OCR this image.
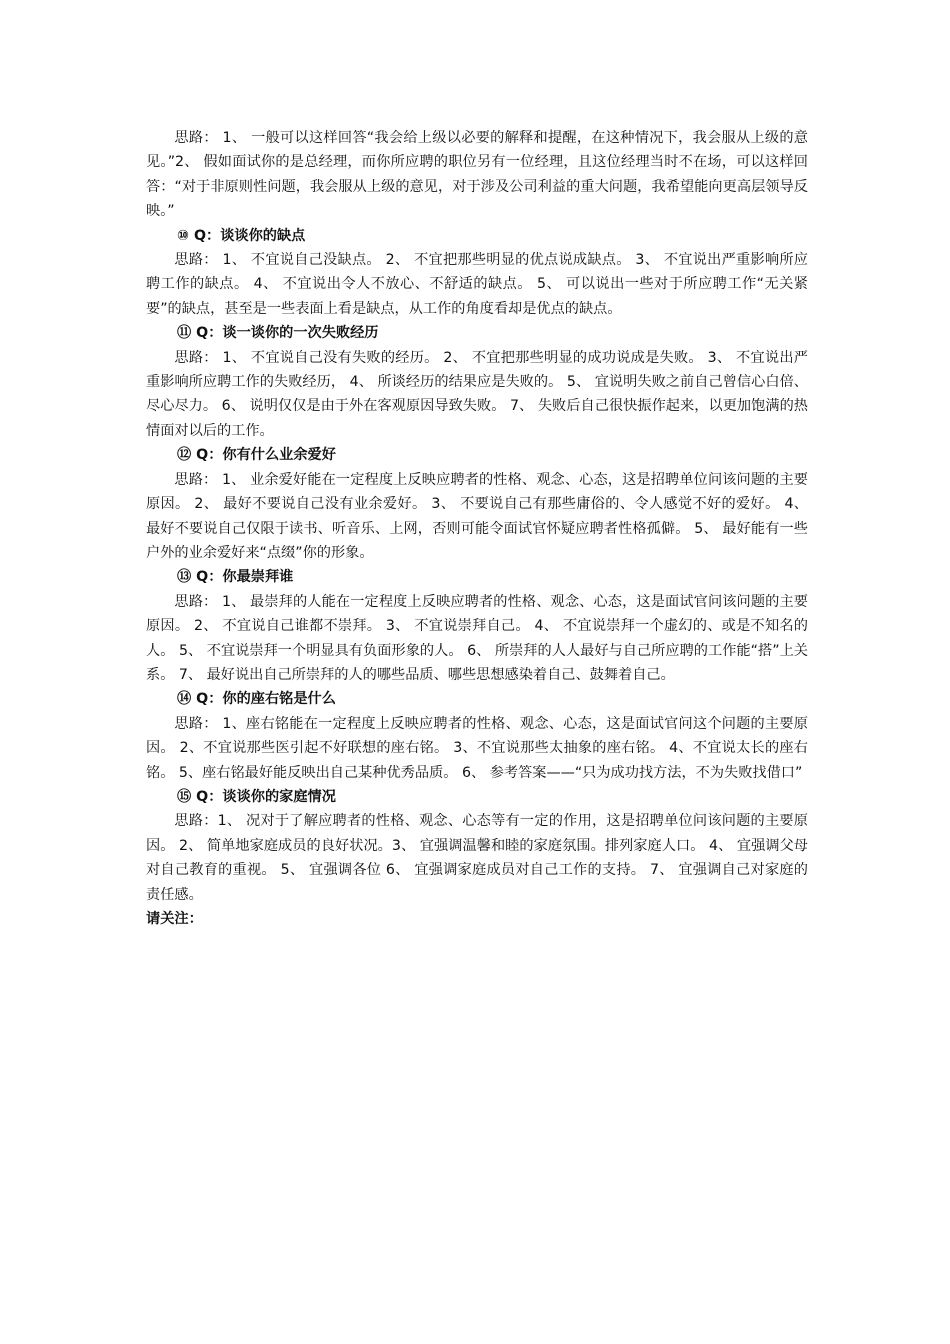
思路： 1、 一般可以这样回答“我会给上级以必要的解释和提醒，在这种情况下，我会服从上级的意见。”2、 假如面试你的是总经理，而你所应聘的职位另有一位经理，且这位经理当时不在场，可以这样回答：“对于非原则性问题，我会服从上级的意见，对于涉及公司利益的重大问题，我希望能向更高层领导反映。”

⑩ Q：谈谈你的缺点

思路： 1、 不宜说自己没缺点。 2、 不宜把那些明显的优点说成缺点。 3、 不宜说出严重影响所应聘工作的缺点。 4、 不宜说出令人不放心、不舒适的缺点。 5、 可以说出一些对于所应聘工作“无关紧要”的缺点，甚至是一些表面上看是缺点，从工作的角度看却是优点的缺点。

⑪ Q：谈一谈你的一次失败经历

思路： 1、 不宜说自己没有失败的经历。 2、 不宜把那些明显的成功说成是失败。 3、 不宜说出严重影响所应聘工作的失败经历， 4、 所谈经历的结果应是失败的。 5、 宜说明失败之前自己曾信心白倍、尽心尽力。 6、 说明仅仅是由于外在客观原因导致失败。 7、 失败后自己很快振作起来，以更加饱满的热情面对以后的工作。

⑫ Q：你有什么业余爱好

思路： 1、 业余爱好能在一定程度上反映应聘者的性格、观念、心态，这是招聘单位问该问题的主要原因。 2、 最好不要说自己没有业余爱好。 3、 不要说自己有那些庸俗的、令人感觉不好的爱好。 4、 最好不要说自己仅限于读书、听音乐、上网，否则可能令面试官怀疑应聘者性格孤僻。 5、 最好能有一些户外的业余爱好来“点缀”你的形象。

⑬ Q：你最崇拜谁

思路： 1、 最崇拜的人能在一定程度上反映应聘者的性格、观念、心态，这是面试官问该问题的主要原因。 2、 不宜说自己谁都不崇拜。 3、 不宜说崇拜自己。 4、 不宜说崇拜一个虚幻的、或是不知名的人。 5、 不宜说崇拜一个明显具有负面形象的人。 6、 所崇拜的人人最好与自己所应聘的工作能“搭”上关系。 7、 最好说出自己所崇拜的人的哪些品质、哪些思想感染着自己、鼓舞着自己。

⑭ Q：你的座右铭是什么

思路： 1、座右铭能在一定程度上反映应聘者的性格、观念、心态，这是面试官问这个问题的主要原因。 2、不宜说那些医引起不好联想的座右铭。 3、不宜说那些太抽象的座右铭。 4、不宜说太长的座右铭。 5、座右铭最好能反映出自己某种优秀品质。 6、 参考答案——“只为成功找方法，不为失败找借口”

⑮ Q：谈谈你的家庭情况

思路：1、 况对于了解应聘者的性格、观念、心态等有一定的作用，这是招聘单位问该问题的主要原因。 2、 简单地家庭成员的良好状况。3、 宜强调温馨和睦的家庭氛围。排列家庭人口。 4、 宜强调父母对自己教育的重视。 5、 宜强调各位 6、 宜强调家庭成员对自己工作的支持。 7、 宜强调自己对家庭的责任感。

请关注：
